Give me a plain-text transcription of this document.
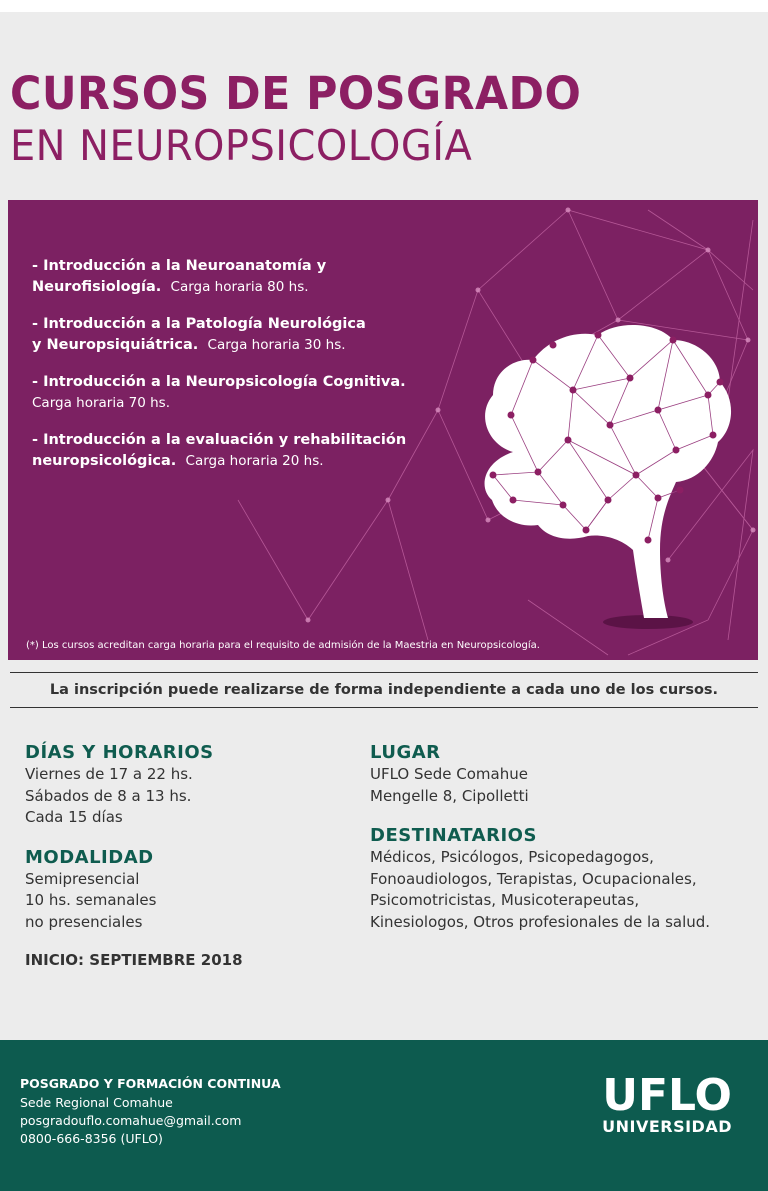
CURSOS DE POSGRADO
EN NEUROPSICOLOGÍA
- Introducción a la Neuroanatomía y
Neurofisiología. Carga horaria 80 hs.
- Introducción a la Patología Neurológica
y Neuropsiquiátrica. Carga horaria 30 hs.
- Introducción a la Neuropsicología Cognitiva.
Carga horaria 70 hs.
- Introducción a la evaluación y rehabilitación
neuropsicológica. Carga horaria 20 hs.
(*) Los cursos acreditan carga horaria para el requisito de admisión de la Maestria en Neuropsicología.
La inscripción puede realizarse de forma independiente a cada uno de los cursos.
DÍAS Y HORARIOS
Viernes de 17 a 22 hs.
Sábados de 8 a 13 hs.
Cada 15 días
MODALIDAD
Semipresencial
10 hs. semanales
no presenciales
INICIO: SEPTIEMBRE 2018
LUGAR
UFLO Sede Comahue
Mengelle 8, Cipolletti
DESTINATARIOS
Médicos, Psicólogos, Psicopedagogos,
Fonoaudiologos, Terapistas, Ocupacionales,
Psicomotricistas, Musicoterapeutas,
Kinesiologos, Otros profesionales de la salud.
POSGRADO Y FORMACIÓN CONTINUA
Sede Regional Comahue
posgradouflo.comahue@gmail.com
0800-666-8356 (UFLO)
UFLO
UNIVERSIDAD
